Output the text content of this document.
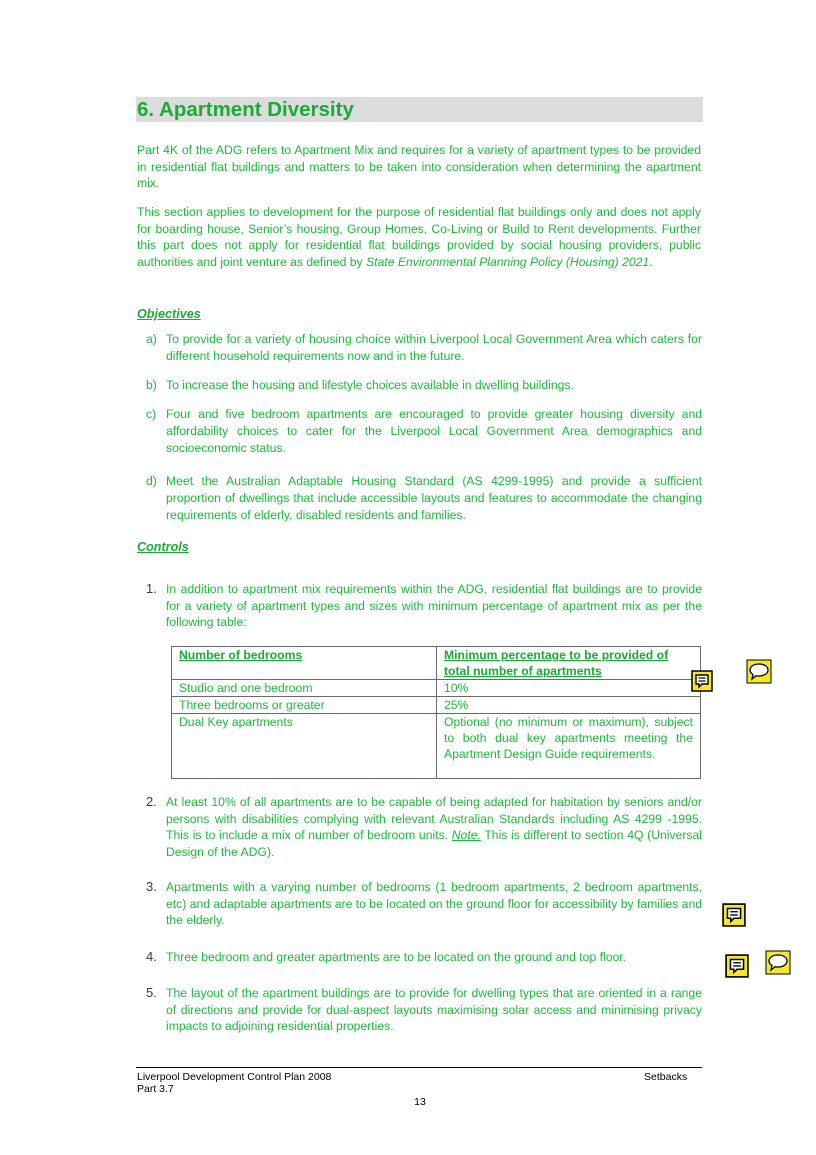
6. Apartment Diversity

Part 4K of the ADG refers to Apartment Mix and requires for a variety of apartment types to be provided in residential flat buildings and matters to be taken into consideration when determining the apartment mix.

This section applies to development for the purpose of residential flat buildings only and does not apply for boarding house, Senior’s housing, Group Homes, Co-Living or Build to Rent developments. Further this part does not apply for residential flat buildings provided by social housing providers, public authorities and joint venture as defined by State Environmental Planning Policy (Housing) 2021.

Objectives
a) To provide for a variety of housing choice within Liverpool Local Government Area which caters for different household requirements now and in the future.
b) To increase the housing and lifestyle choices available in dwelling buildings.
c) Four and five bedroom apartments are encouraged to provide greater housing diversity and affordability choices to cater for the Liverpool Local Government Area demographics and socioeconomic status.
d) Meet the Australian Adaptable Housing Standard (AS 4299-1995) and provide a sufficient proportion of dwellings that include accessible layouts and features to accommodate the changing requirements of elderly, disabled residents and families.
Controls
1. In addition to apartment mix requirements within the ADG, residential flat buildings are to provide for a variety of apartment types and sizes with minimum percentage of apartment mix as per the following table:
Number of bedrooms	Minimum percentage to be provided of total number of apartments
Studio and one bedroom	10%
Three bedrooms or greater	25%
Dual Key apartments	Optional (no minimum or maximum), subject to both dual key apartments meeting the Apartment Design Guide requirements.
2. At least 10% of all apartments are to be capable of being adapted for habitation by seniors and/or persons with disabilities complying with relevant Australian Standards including AS 4299 -1995. This is to include a mix of number of bedroom units. Note. This is different to section 4Q (Universal Design of the ADG).
3. Apartments with a varying number of bedrooms (1 bedroom apartments, 2 bedroom apartments, etc) and adaptable apartments are to be located on the ground floor for accessibility by families and the elderly.
4. Three bedroom and greater apartments are to be located on the ground and top floor.
5. The layout of the apartment buildings are to provide for dwelling types that are oriented in a range of directions and provide for dual-aspect layouts maximising solar access and minimising privacy impacts to adjoining residential properties.
Liverpool Development Control Plan 2008
Part 3.7
Setbacks
13
